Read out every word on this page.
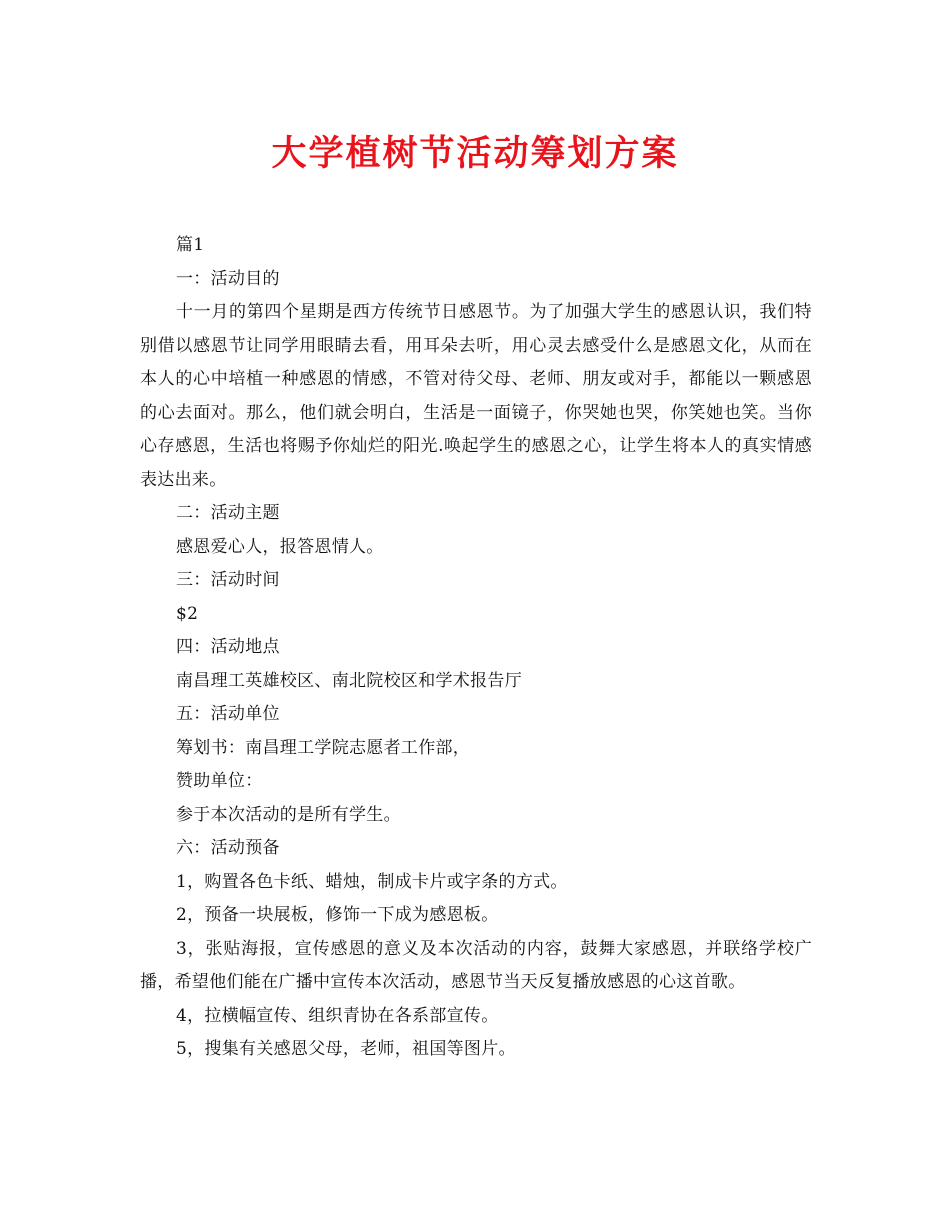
大学植树节活动筹划方案

篇1

一：活动目的

十一月的第四个星期是西方传统节日感恩节。为了加强大学生的感恩认识，我们特别借以感恩节让同学用眼睛去看，用耳朵去听，用心灵去感受什么是感恩文化，从而在本人的心中培植一种感恩的情感，不管对待父母、老师、朋友或对手，都能以一颗感恩的心去面对。那么，他们就会明白，生活是一面镜子，你哭她也哭，你笑她也笑。当你心存感恩，生活也将赐予你灿烂的阳光.唤起学生的感恩之心，让学生将本人的真实情感表达出来。

二：活动主题

感恩爱心人，报答恩情人。

三：活动时间

$2

四：活动地点

南昌理工英雄校区、南北院校区和学术报告厅

五：活动单位

筹划书：南昌理工学院志愿者工作部，

赞助单位：

参于本次活动的是所有学生。

六：活动预备

1，购置各色卡纸、蜡烛，制成卡片或字条的方式。

2，预备一块展板，修饰一下成为感恩板。

3，张贴海报，宣传感恩的意义及本次活动的内容，鼓舞大家感恩，并联络学校广播，希望他们能在广播中宣传本次活动，感恩节当天反复播放感恩的心这首歌。

4，拉横幅宣传、组织青协在各系部宣传。

5，搜集有关感恩父母，老师，祖国等图片。
